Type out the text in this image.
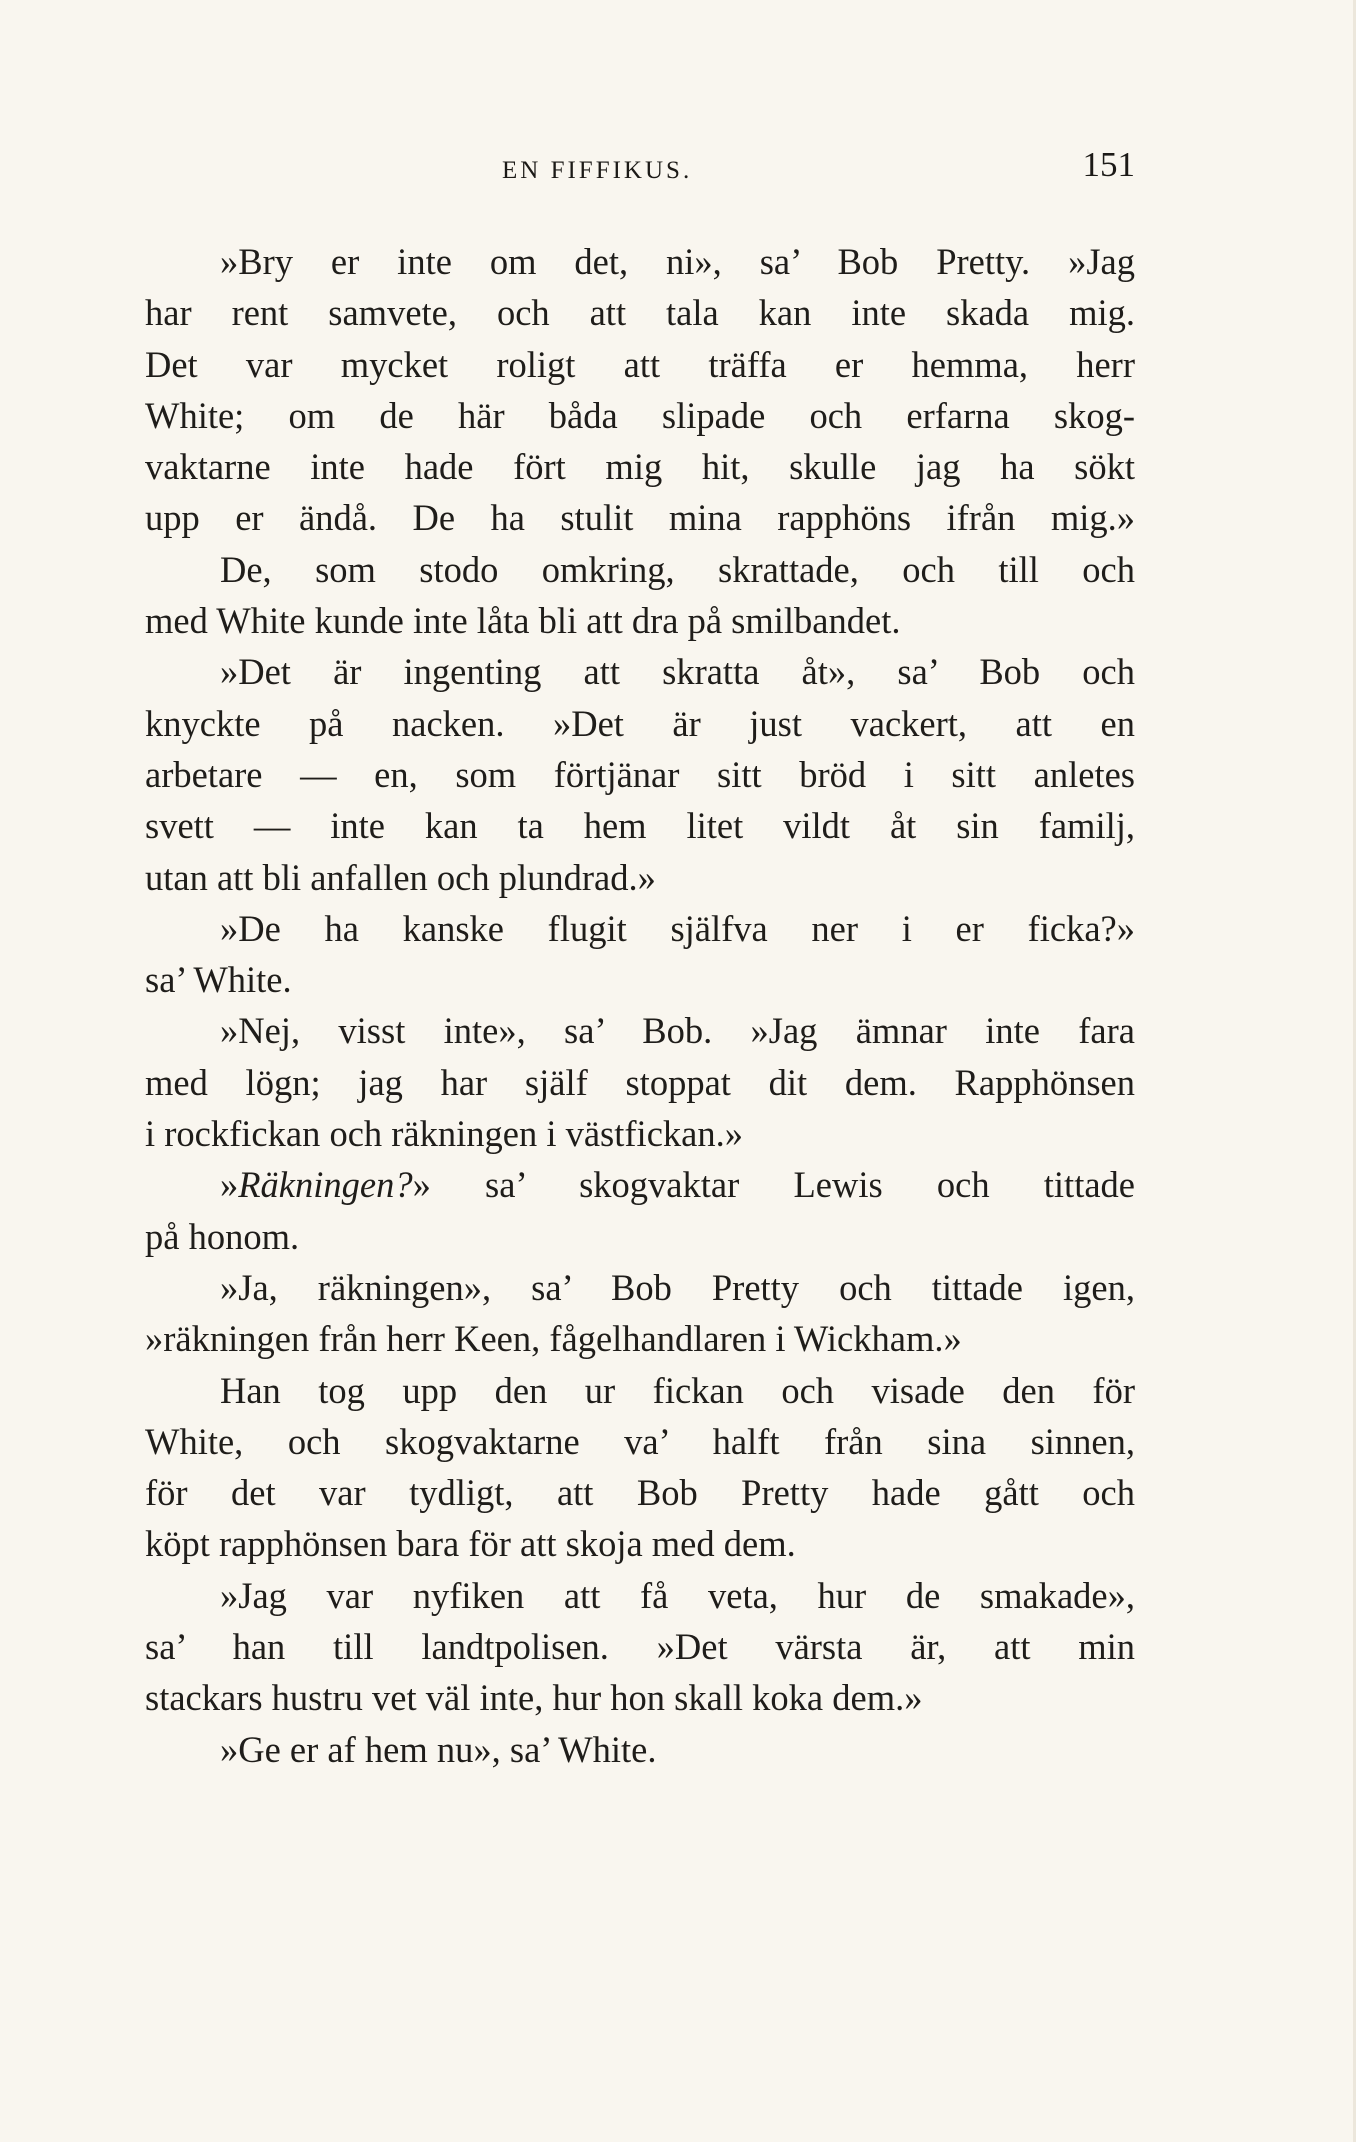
EN FIFFIKUS.	151
»Bry er inte om det, ni», sa’ Bob Pretty. »Jag
har rent samvete, och att tala kan inte skada mig.
Det var mycket roligt att träffa er hemma, herr
White; om de här båda slipade och erfarna skog-
vaktarne inte hade fört mig hit, skulle jag ha sökt
upp er ändå. De ha stulit mina rapphöns ifrån mig.»
De, som stodo omkring, skrattade, och till och
med White kunde inte låta bli att dra på smilbandet.
»Det är ingenting att skratta åt», sa’ Bob och
knyckte på nacken. »Det är just vackert, att en
arbetare — en, som förtjänar sitt bröd i sitt anletes
svett — inte kan ta hem litet vildt åt sin familj,
utan att bli anfallen och plundrad.»
»De ha kanske flugit själfva ner i er ficka?»
sa’ White.
»Nej, visst inte», sa’ Bob. »Jag ämnar inte fara
med lögn; jag har själf stoppat dit dem. Rapphönsen
i rockfickan och räkningen i västfickan.»
»Räkningen?» sa’ skogvaktar Lewis och tittade
på honom.
»Ja, räkningen», sa’ Bob Pretty och tittade igen,
»räkningen från herr Keen, fågelhandlaren i Wickham.»
Han tog upp den ur fickan och visade den för
White, och skogvaktarne va’ halft från sina sinnen,
för det var tydligt, att Bob Pretty hade gått och
köpt rapphönsen bara för att skoja med dem.
»Jag var nyfiken att få veta, hur de smakade»,
sa’ han till landtpolisen. »Det värsta är, att min
stackars hustru vet väl inte, hur hon skall koka dem.»
»Ge er af hem nu», sa’ White.
